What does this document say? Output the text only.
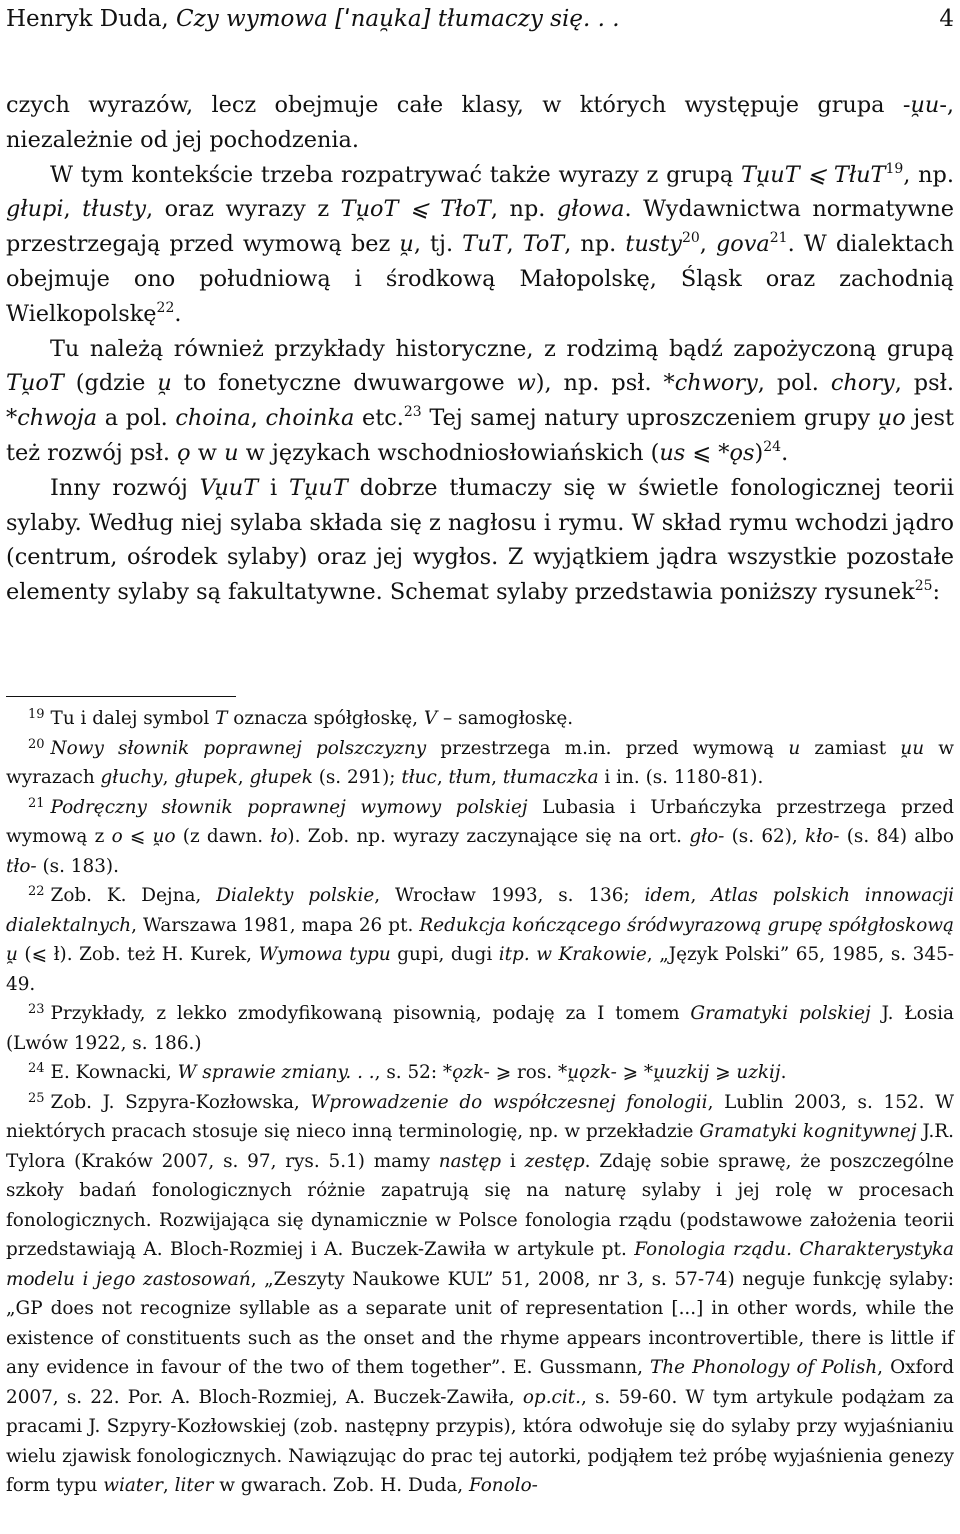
Henryk Duda, Czy wymowa [ˈnau̯ka] tłumaczy się. . .	4

czych wyrazów, lecz obejmuje całe klasy, w których występuje grupa -u̯u-, niezależnie od jej pochodzenia.

W tym kontekście trzeba rozpatrywać także wyrazy z grupą Tu̯uT ⩽ TłuT$^{19}$, np. głupi, tłusty, oraz wyrazy z Tu̯oT ⩽ TłoT, np. głowa. Wydawnictwa normatywne przestrzegają przed wymową bez u̯, tj. TuT, ToT, np. tusty$^{20}$, gova$^{21}$. W dialektach obejmuje ono południową i środkową Małopolskę, Śląsk oraz zachodnią Wielkopolskę$^{22}$.

Tu należą również przykłady historyczne, z rodzimą bądź zapożyczoną grupą Tu̯oT (gdzie u̯ to fonetyczne dwuwargowe w), np. psł. *chwory, pol. chory, psł. *chwoja a pol. choina, choinka etc.$^{23}$ Tej samej natury uproszczeniem grupy u̯o jest też rozwój psł. ǫ w u w językach wschodniosłowiańskich (us ⩽ *ǫs)$^{24}$.

Inny rozwój Vu̯uT i Tu̯uT dobrze tłumaczy się w świetle fonologicznej teorii sylaby. Według niej sylaba składa się z nagłosu i rymu. W skład rymu wchodzi jądro (centrum, ośrodek sylaby) oraz jej wygłos. Z wyjątkiem jądra wszystkie pozostałe elementy sylaby są fakultatywne. Schemat sylaby przedstawia poniższy rysunek$^{25}$:

$^{19}$ Tu i dalej symbol T oznacza spółgłoskę, V – samogłoskę.

$^{20}$ Nowy słownik poprawnej polszczyzny przestrzega m.in. przed wymową u zamiast u̯u w wyrazach głuchy, głupek, głupek (s. 291); tłuc, tłum, tłumaczka i in. (s. 1180-81).

$^{21}$ Podręczny słownik poprawnej wymowy polskiej Lubasia i Urbańczyka przestrzega przed wymową z o ⩽ u̯o (z dawn. ło). Zob. np. wyrazy zaczynające się na ort. gło- (s. 62), kło- (s. 84) albo tło- (s. 183).

$^{22}$ Zob. K. Dejna, Dialekty polskie, Wrocław 1993, s. 136; idem, Atlas polskich innowacji dialektalnych, Warszawa 1981, mapa 26 pt. Redukcja kończącego śródwyrazową grupę spółgłoskową u̯ (⩽ ł). Zob. też H. Kurek, Wymowa typu gupi, dugi itp. w Krakowie, „Język Polski” 65, 1985, s. 345-49.

$^{23}$ Przykłady, z lekko zmodyfikowaną pisownią, podaję za I tomem Gramatyki polskiej J. Łosia (Lwów 1922, s. 186.)

$^{24}$ E. Kownacki, W sprawie zmiany. . ., s. 52: *ǫzk- ⩾ ros. *u̯ǫzk- ⩾ *u̯uzkij ⩾ uzkij.

$^{25}$ Zob. J. Szpyra-Kozłowska, Wprowadzenie do współczesnej fonologii, Lublin 2003, s. 152. W niektórych pracach stosuje się nieco inną terminologię, np. w przekładzie Gramatyki kognitywnej J.R. Tylora (Kraków 2007, s. 97, rys. 5.1) mamy następ i zestęp. Zdaję sobie sprawę, że poszczególne szkoły badań fonologicznych różnie zapatrują się na naturę sylaby i jej rolę w procesach fonologicznych. Rozwijająca się dynamicznie w Polsce fonologia rządu (podstawowe założenia teorii przedstawiają A. Bloch-Rozmiej i A. Buczek-Zawiła w artykule pt. Fonologia rządu. Charakterystyka modelu i jego zastosowań, „Zeszyty Naukowe KUL” 51, 2008, nr 3, s. 57-74) neguje funkcję sylaby: „GP does not recognize syllable as a separate unit of representation [...] in other words, while the existence of constituents such as the onset and the rhyme appears incontrovertible, there is little if any evidence in favour of the two of them together”. E. Gussmann, The Phonology of Polish, Oxford 2007, s. 22. Por. A. Bloch-Rozmiej, A. Buczek-Zawiła, op.cit., s. 59-60. W tym artykule podążam za pracami J. Szpyry-Kozłowskiej (zob. następny przypis), która odwołuje się do sylaby przy wyjaśnianiu wielu zjawisk fonologicznych. Nawiązując do prac tej autorki, podjąłem też próbę wyjaśnienia genezy form typu wiater, liter w gwarach. Zob. H. Duda, Fonolo-
